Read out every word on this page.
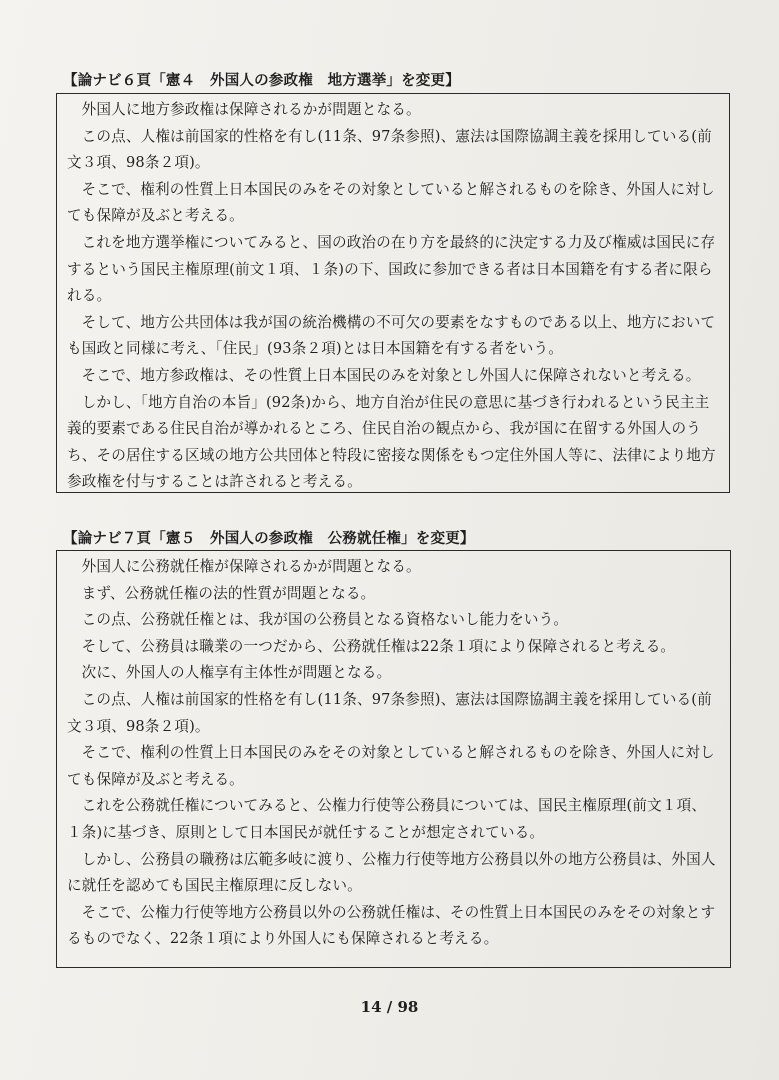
【論ナビ６頁「憲４　外国人の参政権　地方選挙」を変更】

外国人に地方参政権は保障されるかが問題となる。

この点、人権は前国家的性格を有し(11条、97条参照)、憲法は国際協調主義を採用している(前文３項、98条２項)。

そこで、権利の性質上日本国民のみをその対象としていると解されるものを除き、外国人に対しても保障が及ぶと考える。

これを地方選挙権についてみると、国の政治の在り方を最終的に決定する力及び権威は国民に存するという国民主権原理(前文１項、１条)の下、国政に参加できる者は日本国籍を有する者に限られる。

そして、地方公共団体は我が国の統治機構の不可欠の要素をなすものである以上、地方においても国政と同様に考え、「住民」(93条２項)とは日本国籍を有する者をいう。

そこで、地方参政権は、その性質上日本国民のみを対象とし外国人に保障されないと考える。

しかし、「地方自治の本旨」(92条)から、地方自治が住民の意思に基づき行われるという民主主義的要素である住民自治が導かれるところ、住民自治の観点から、我が国に在留する外国人のうち、その居住する区域の地方公共団体と特段に密接な関係をもつ定住外国人等に、法律により地方参政権を付与することは許されると考える。

【論ナビ７頁「憲５　外国人の参政権　公務就任権」を変更】

外国人に公務就任権が保障されるかが問題となる。

まず、公務就任権の法的性質が問題となる。

この点、公務就任権とは、我が国の公務員となる資格ないし能力をいう。

そして、公務員は職業の一つだから、公務就任権は22条１項により保障されると考える。

次に、外国人の人権享有主体性が問題となる。

この点、人権は前国家的性格を有し(11条、97条参照)、憲法は国際協調主義を採用している(前文３項、98条２項)。

そこで、権利の性質上日本国民のみをその対象としていると解されるものを除き、外国人に対しても保障が及ぶと考える。

これを公務就任権についてみると、公権力行使等公務員については、国民主権原理(前文１項、１条)に基づき、原則として日本国民が就任することが想定されている。

しかし、公務員の職務は広範多岐に渡り、公権力行使等地方公務員以外の地方公務員は、外国人に就任を認めても国民主権原理に反しない。

そこで、公権力行使等地方公務員以外の公務就任権は、その性質上日本国民のみをその対象とするものでなく、22条１項により外国人にも保障されると考える。

14 / 98
